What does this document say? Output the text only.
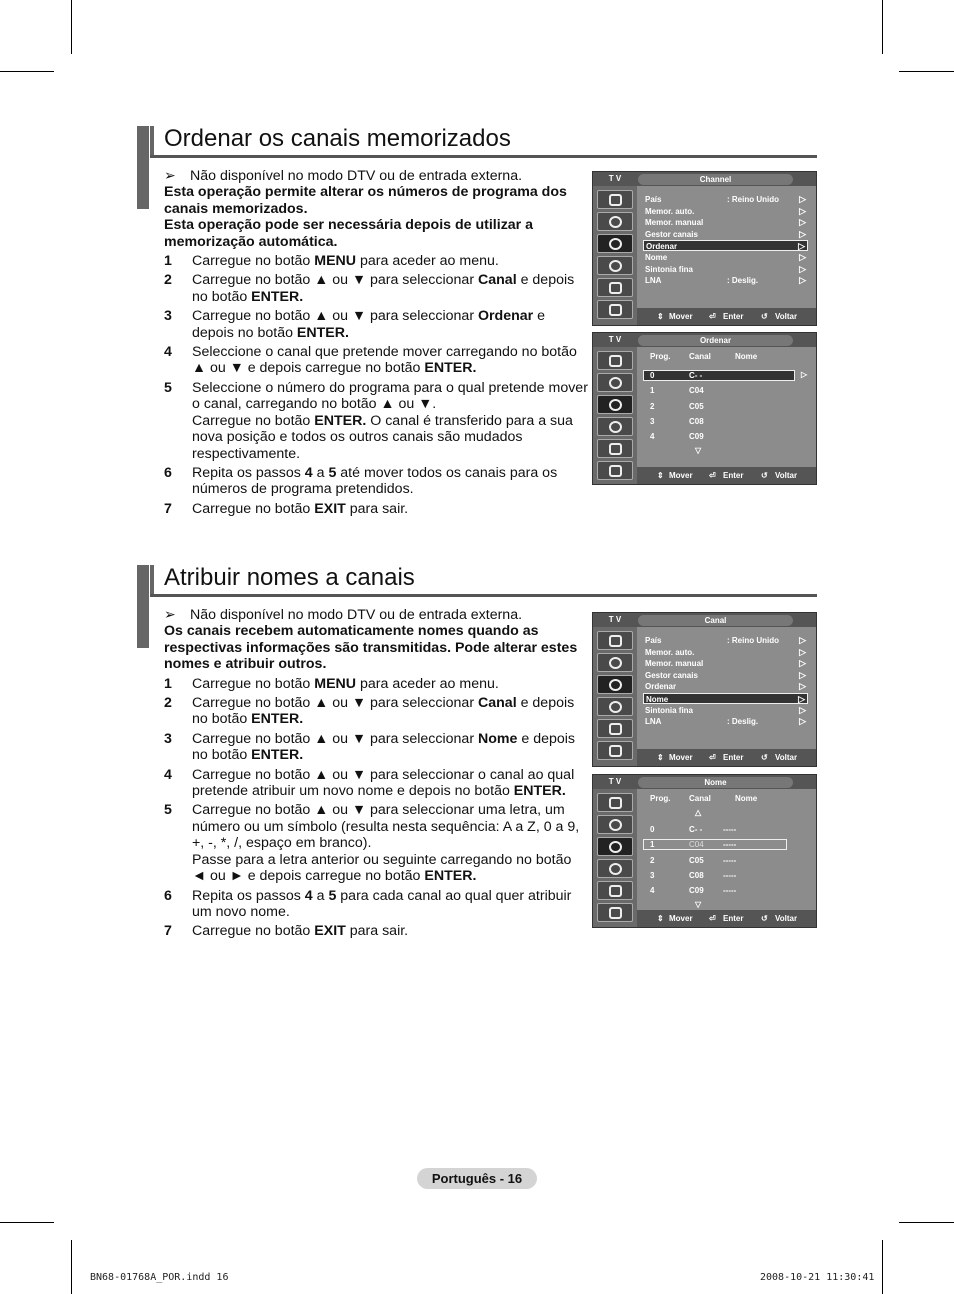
Ordenar os canais memorizados
➢ Não disponível no modo DTV ou de entrada externa.
Esta operação permite alterar os números de programa dos canais memorizados.
Esta operação pode ser necessária depois de utilizar a memorização automática.
1 Carregue no botão MENU para aceder ao menu.
2 Carregue no botão ▲ ou ▼ para seleccionar Canal e depois no botão ENTER.
3 Carregue no botão ▲ ou ▼ para seleccionar Ordenar e depois no botão ENTER.
4 Seleccione o canal que pretende mover carregando no botão ▲ ou ▼ e depois carregue no botão ENTER.
5 Seleccione o número do programa para o qual pretende mover o canal, carregando no botão ▲ ou ▼.
Carregue no botão ENTER. O canal é transferido para a sua nova posição e todos os outros canais são mudados respectivamente.
6 Repita os passos 4 a 5 até mover todos os canais para os números de programa pretendidos.
7 Carregue no botão EXIT para sair.
T V	Channel
País	: Reino Unido ▷
Memor. auto.	▷
Memor. manual	▷
Gestor canais	▷
Ordenar	▷
Nome	▷
Sintonia fina	▷
LNA	: Deslig.	▷
⇕ Mover ⏎ Enter ↺ Voltar
T V	Ordenar
Prog. Canal	Nome
▷
0	C- -
1	C04
2	C05
3	C08
4	C09
▽
⇕ Mover ⏎ Enter ↺ Voltar
Atribuir nomes a canais
➢ Não disponível no modo DTV ou de entrada externa.
Os canais recebem automaticamente nomes quando as respectivas informações são transmitidas. Pode alterar estes nomes e atribuir outros.
1 Carregue no botão MENU para aceder ao menu.
2 Carregue no botão ▲ ou ▼ para seleccionar Canal e depois no botão ENTER.
3 Carregue no botão ▲ ou ▼ para seleccionar Nome e depois no botão ENTER.
4 Carregue no botão ▲ ou ▼ para seleccionar o canal ao qual pretende atribuir um novo nome e depois no botão ENTER.
5 Carregue no botão ▲ ou ▼ para seleccionar uma letra, um número ou um símbolo (resulta nesta sequência: A a Z, 0 a 9, +, -, *, /, espaço em branco).
Passe para a letra anterior ou seguinte carregando no botão ◄ ou ► e depois carregue no botão ENTER.
6 Repita os passos 4 a 5 para cada canal ao qual quer atribuir um novo nome.
7 Carregue no botão EXIT para sair.
T V	Canal
País	: Reino Unido ▷
Memor. auto.	▷
Memor. manual	▷
Gestor canais	▷
Ordenar	▷
Nome	▷
Sintonia fina	▷
LNA	: Deslig.	▷
⇕ Mover ⏎ Enter ↺ Voltar
T V	Nome
Prog. Canal	Nome
△
0	C- -	-----
1	C04 -----
2	C05 -----
3	C08 -----
4	C09 -----
▽
⇕ Mover ⏎ Enter ↺ Voltar
Português - 16
BN68-01768A_POR.indd 16	2008-10-21 11:30:41
